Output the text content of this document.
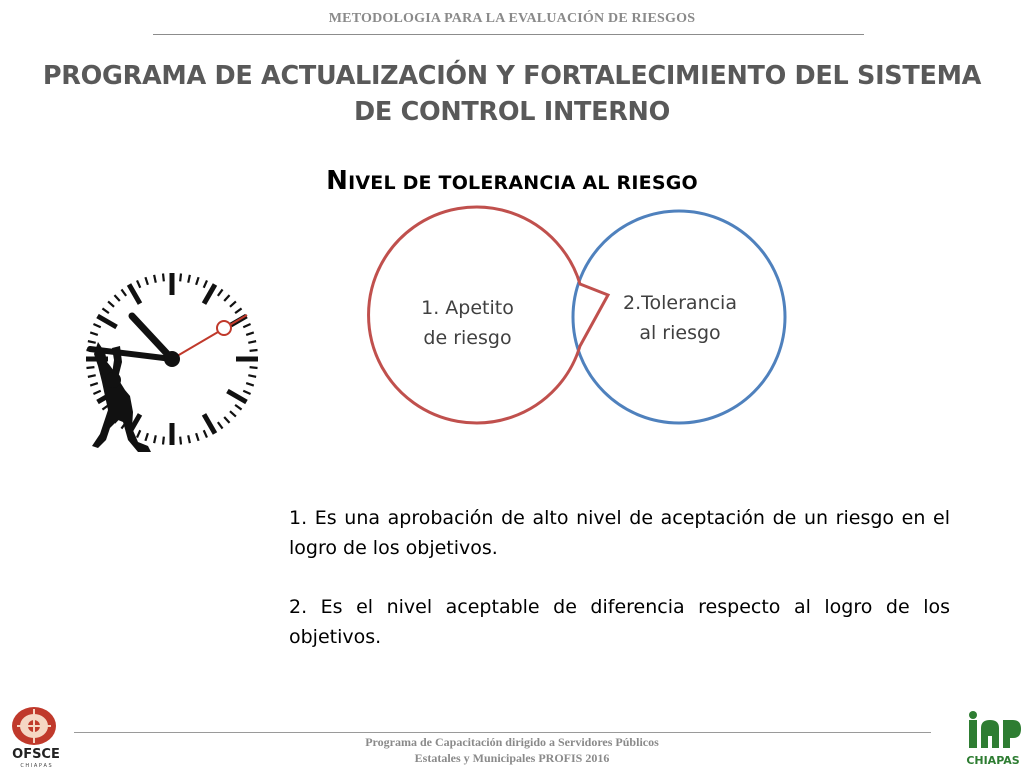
METODOLOGIA PARA LA EVALUACIÓN DE RIESGOS
PROGRAMA DE ACTUALIZACIÓN Y FORTALECIMIENTO DEL SISTEMA
DE CONTROL INTERNO
NIVEL DE TOLERANCIA AL RIESGO
1. Apetito
de riesgo
2.Tolerancia
al riesgo
1. Es una aprobación de alto nivel de aceptación de un riesgo en el logro de los objetivos.
2. Es el nivel aceptable de diferencia respecto al logro de los objetivos.
Programa de Capacitación dirigido a Servidores Públicos
Estatales y Municipales PROFIS 2016
OFSCE
C H I A P A S	CHIAPAS
